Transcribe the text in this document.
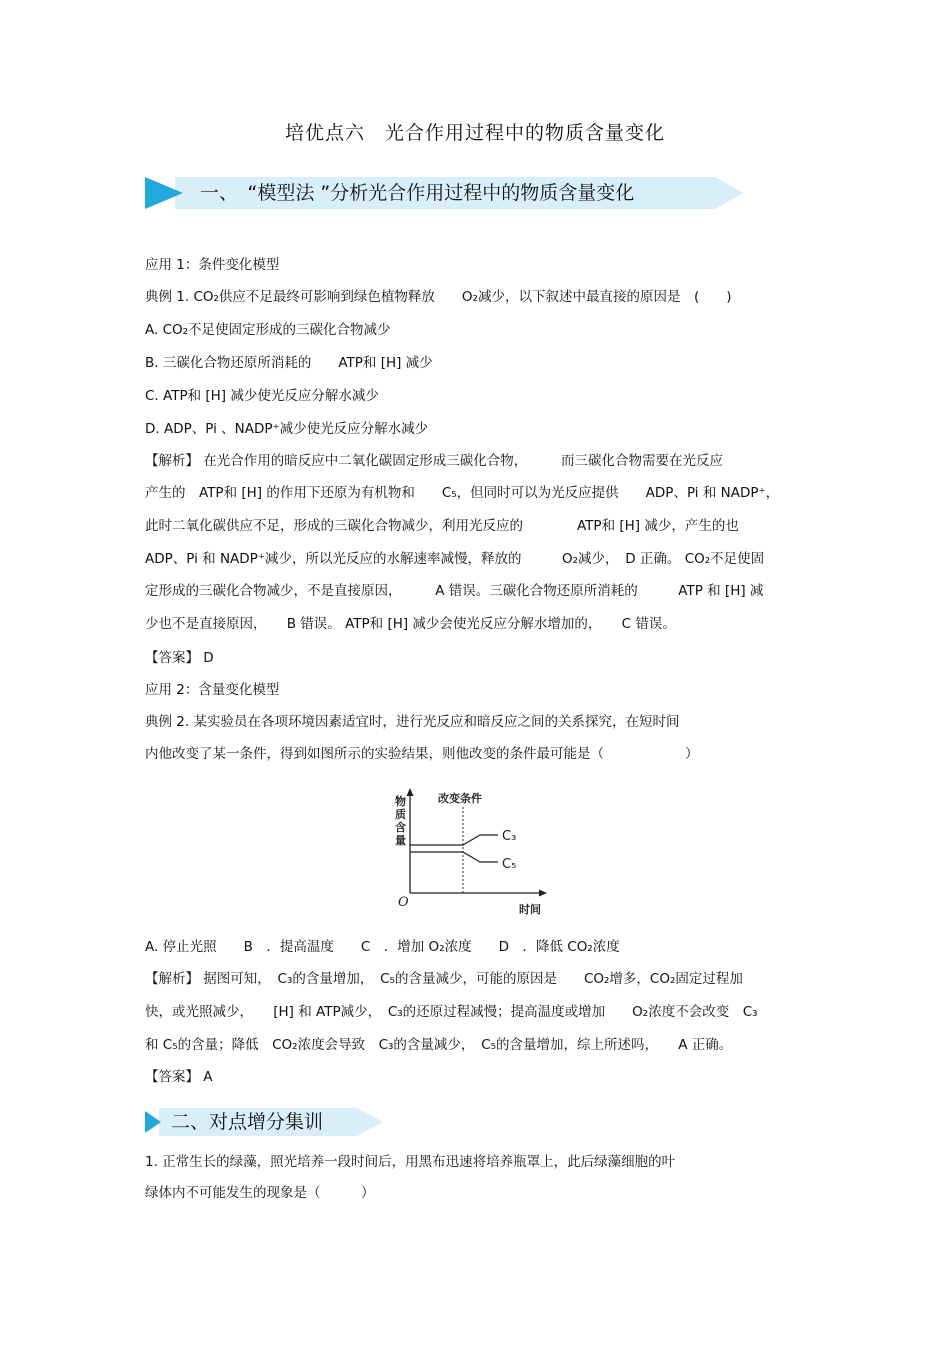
培优点六　光合作用过程中的物质含量变化
一、　“模型法 ”分析光合作用过程中的物质含量变化
应用 1：条件变化模型
典例 1. CO₂供应不足最终可影响到绿色植物释放　　O₂减少，以下叙述中最直接的原因是　(　　)
A. CO₂不足使固定形成的三碳化合物减少
B. 三碳化合物还原所消耗的　　ATP和 [H] 减少
C. ATP和 [H] 减少使光反应分解水减少
D. ADP、Pi 、NADP⁺减少使光反应分解水减少
【解析】 在光合作用的暗反应中二氧化碳固定形成三碳化合物，　　　而三碳化合物需要在光反应
产生的　ATP和 [H] 的作用下还原为有机物和　　C₅，但同时可以为光反应提供　　ADP、Pi 和 NADP⁺，
此时二氧化碳供应不足，形成的三碳化合物减少，利用光反应的　　　　ATP和 [H] 减少，产生的也
ADP、Pi 和 NADP⁺减少，所以光反应的水解速率减慢，释放的　　　O₂减少，　D 正确。 CO₂不足使固
定形成的三碳化合物减少，不是直接原因，　　　A 错误。三碳化合物还原所消耗的　　　ATP 和 [H] 减
少也不是直接原因，　　B 错误。 ATP和 [H] 减少会使光反应分解水增加的，　　C 错误。
【答案】 D
应用 2：含量变化模型
典例 2. 某实验员在各项环境因素适宜时，进行光反应和暗反应之间的关系探究，在短时间
内他改变了某一条件，得到如图所示的实验结果，则他改变的条件最可能是（　　　　　　）
物质含量
改变条件
C₃
C₅
O	时间
A. 停止光照　　B　．提高温度　　C　．增加 O₂浓度　　D　．降低 CO₂浓度
【解析】 据图可知，　C₃的含量增加，　C₅的含量减少，可能的原因是　　CO₂增多，CO₂固定过程加
快，或光照减少，　　[H] 和 ATP减少，　C₃的还原过程减慢；提高温度或增加　　O₂浓度不会改变　C₃
和 C₅的含量；降低　CO₂浓度会导致　C₃的含量减少，　C₅的含量增加，综上所述吗，　　A 正确。
【答案】 A
二、对点增分集训
1. 正常生长的绿藻，照光培养一段时间后，用黑布迅速将培养瓶罩上，此后绿藻细胞的叶
绿体内不可能发生的现象是（　　　）
